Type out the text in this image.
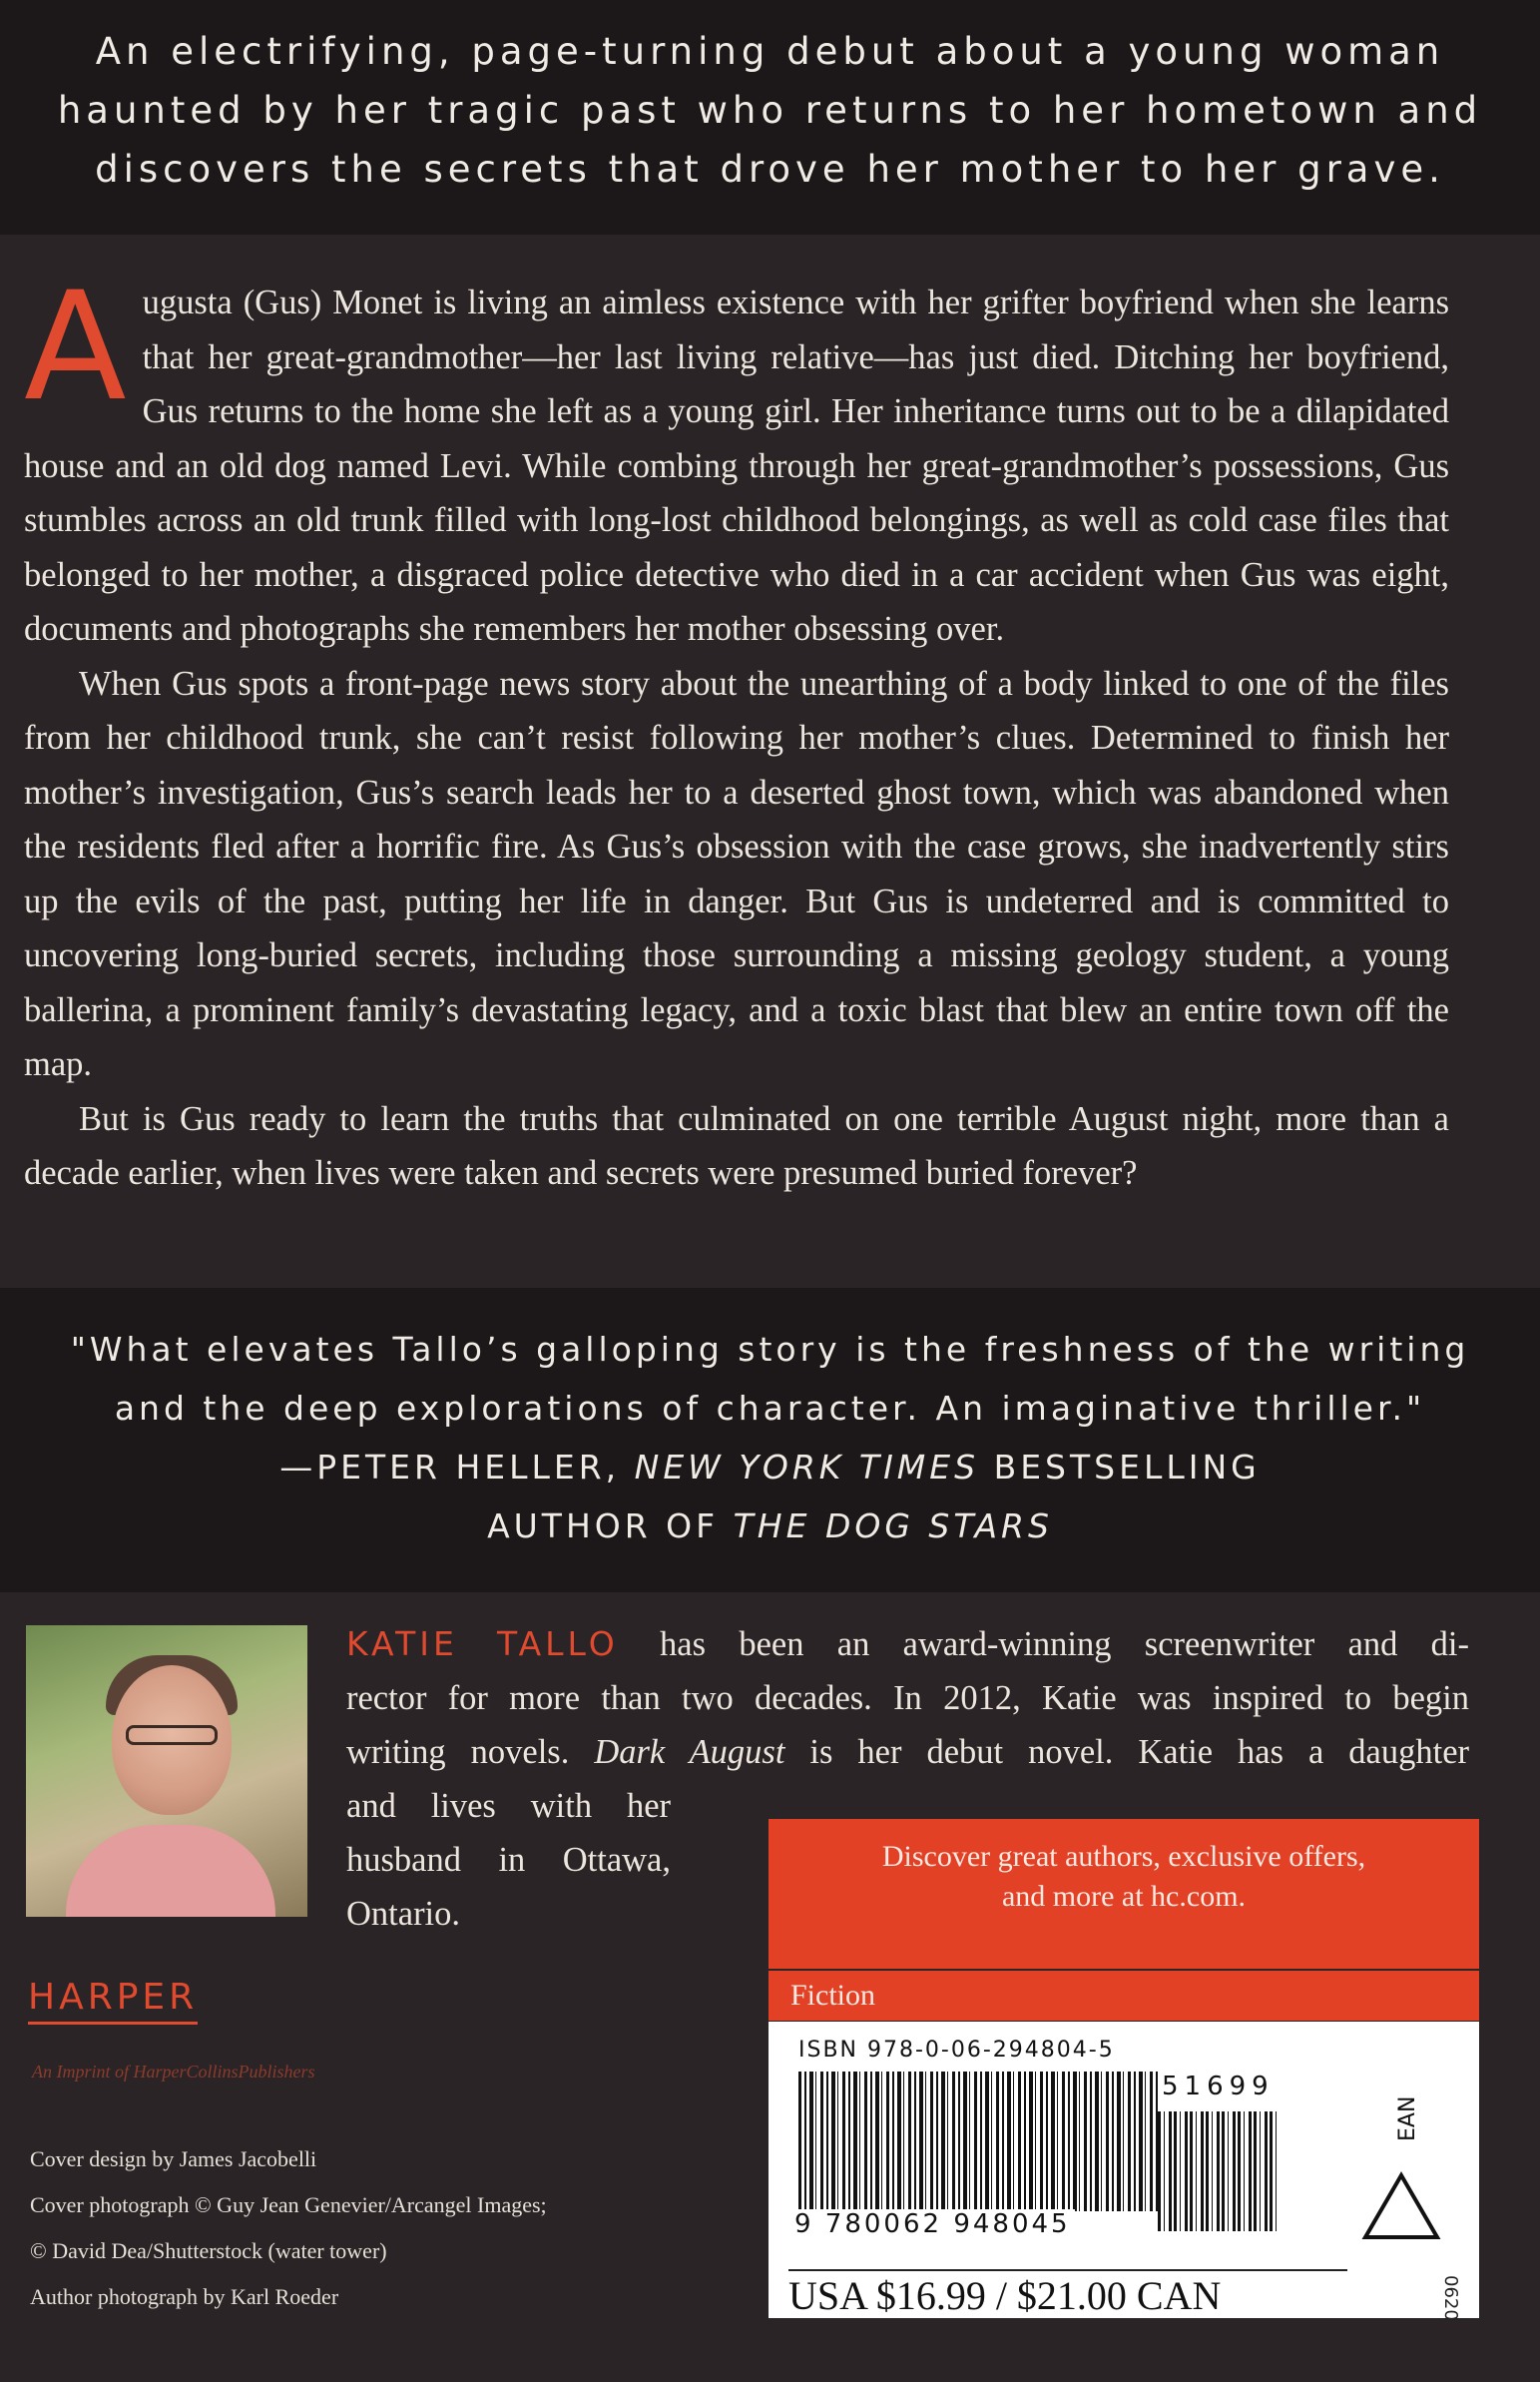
An electrifying, page-turning debut about a young woman
haunted by her tragic past who returns to her hometown and
discovers the secrets that drove her mother to her grave.

Augusta (Gus) Monet is living an aimless existence with her grifter boyfriend when she learns that her great-grandmother—her last living relative—has just died. Ditching her boyfriend, Gus returns to the home she left as a young girl. Her inheritance turns out to be a dilapidated house and an old dog named Levi. While combing through her great-grandmother’s possessions, Gus stumbles across an old trunk filled with long-lost childhood belongings, as well as cold case files that belonged to her mother, a disgraced police detective who died in a car accident when Gus was eight, documents and photographs she remembers her mother obsessing over.

When Gus spots a front-page news story about the unearthing of a body linked to one of the files from her childhood trunk, she can’t resist following her mother’s clues. Determined to finish her mother’s investigation, Gus’s search leads her to a deserted ghost town, which was abandoned when the residents fled after a horrific fire. As Gus’s obsession with the case grows, she inadvertently stirs up the evils of the past, putting her life in danger. But Gus is undeterred and is committed to uncovering long-buried secrets, including those surrounding a missing geology student, a young ballerina, a prominent family’s devastating legacy, and a toxic blast that blew an entire town off the map.

But is Gus ready to learn the truths that culminated on one terrible August night, more than a decade earlier, when lives were taken and secrets were presumed buried forever?

"What elevates Tallo’s galloping story is the freshness of the writing
and the deep explorations of character. An imaginative thriller."
—PETER HELLER, NEW YORK TIMES BESTSELLING
AUTHOR OF THE DOG STARS
KATIE TALLO has been an award-winning screenwriter and di-
rector for more than two decades. In 2012, Katie was inspired to begin
writing novels. Dark August is her debut novel. Katie has a daughter
and lives with her
husband in Ottawa,
Ontario.
HARPER
An Imprint of HarperCollinsPublishers
Cover design by James Jacobelli
Cover photograph © Guy Jean Genevier/Arcangel Images;
© David Dea/Shutterstock (water tower)
Author photograph by Karl Roeder
Discover great authors, exclusive offers,
and more at hc.com.
Fiction
ISBN 978-0-06-294804-5
9 780062 948045
51699
EAN
USA $16.99 / $21.00 CAN	0620
